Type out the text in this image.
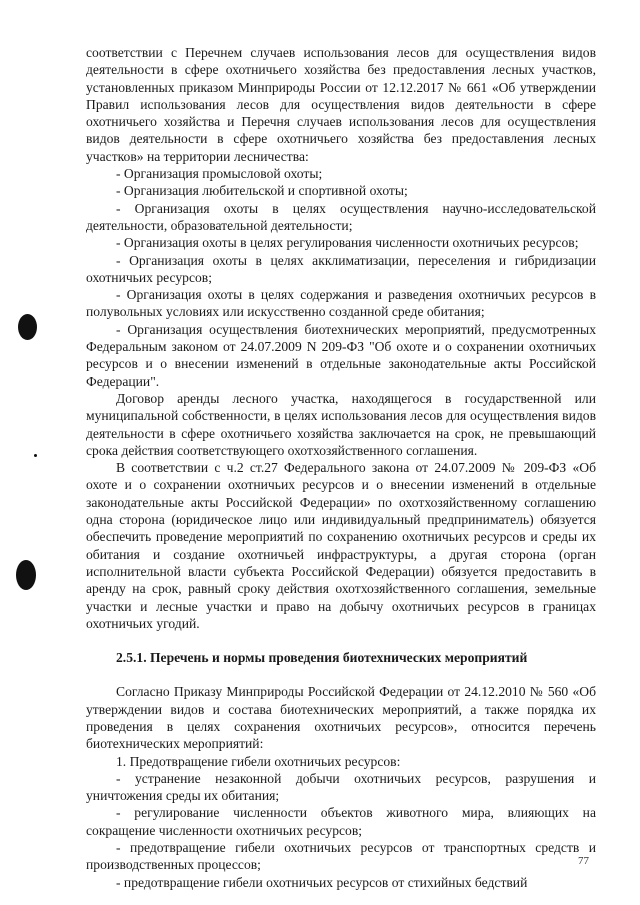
соответствии с Перечнем случаев использования лесов для осуществления видов деятельности в сфере охотничьего хозяйства без предоставления лесных участков, установленных приказом Минприроды России от 12.12.2017 № 661 «Об утверждении Правил использования лесов для осуществления видов деятельности в сфере охотничьего хозяйства и Перечня случаев использования лесов для осуществления видов деятельности в сфере охотничьего хозяйства без предоставления лесных участков» на территории лесничества:

- Организация промысловой охоты;

- Организация любительской и спортивной охоты;

- Организация охоты в целях осуществления научно-исследовательской деятельности, образовательной деятельности;

- Организация охоты в целях регулирования численности охотничьих ресурсов;

- Организация охоты в целях акклиматизации, переселения и гибридизации охотничьих ресурсов;

- Организация охоты в целях содержания и разведения охотничьих ресурсов в полувольных условиях или искусственно созданной среде обитания;

- Организация осуществления биотехнических мероприятий, предусмотренных Федеральным законом от 24.07.2009 N 209-ФЗ "Об охоте и о сохранении охотничьих ресурсов и о внесении изменений в отдельные законодательные акты Российской Федерации".

Договор аренды лесного участка, находящегося в государственной или муниципальной собственности, в целях использования лесов для осуществления видов деятельности в сфере охотничьего хозяйства заключается на срок, не превышающий срока действия соответствующего охотхозяйственного соглашения.

В соответствии с ч.2 ст.27 Федерального закона от 24.07.2009 № 209-ФЗ «Об охоте и о сохранении охотничьих ресурсов и о внесении изменений в отдельные законодательные акты Российской Федерации» по охотхозяйственному соглашению одна сторона (юридическое лицо или индивидуальный предприниматель) обязуется обеспечить проведение мероприятий по сохранению охотничьих ресурсов и среды их обитания и создание охотничьей инфраструктуры, а другая сторона (орган исполнительной власти субъекта Российской Федерации) обязуется предоставить в аренду на срок, равный сроку действия охотхозяйственного соглашения, земельные участки и лесные участки и право на добычу охотничьих ресурсов в границах охотничьих угодий.

2.5.1. Перечень и нормы проведения биотехнических мероприятий

Согласно Приказу Минприроды Российской Федерации от 24.12.2010 № 560 «Об утверждении видов и состава биотехнических мероприятий, а также порядка их проведения в целях сохранения охотничьих ресурсов», относится перечень биотехнических мероприятий:

1. Предотвращение гибели охотничьих ресурсов:

- устранение незаконной добычи охотничьих ресурсов, разрушения и уничтожения среды их обитания;

- регулирование численности объектов животного мира, влияющих на сокращение численности охотничьих ресурсов;

- предотвращение гибели охотничьих ресурсов от транспортных средств и производственных процессов;

- предотвращение гибели охотничьих ресурсов от стихийных бедствий

77
